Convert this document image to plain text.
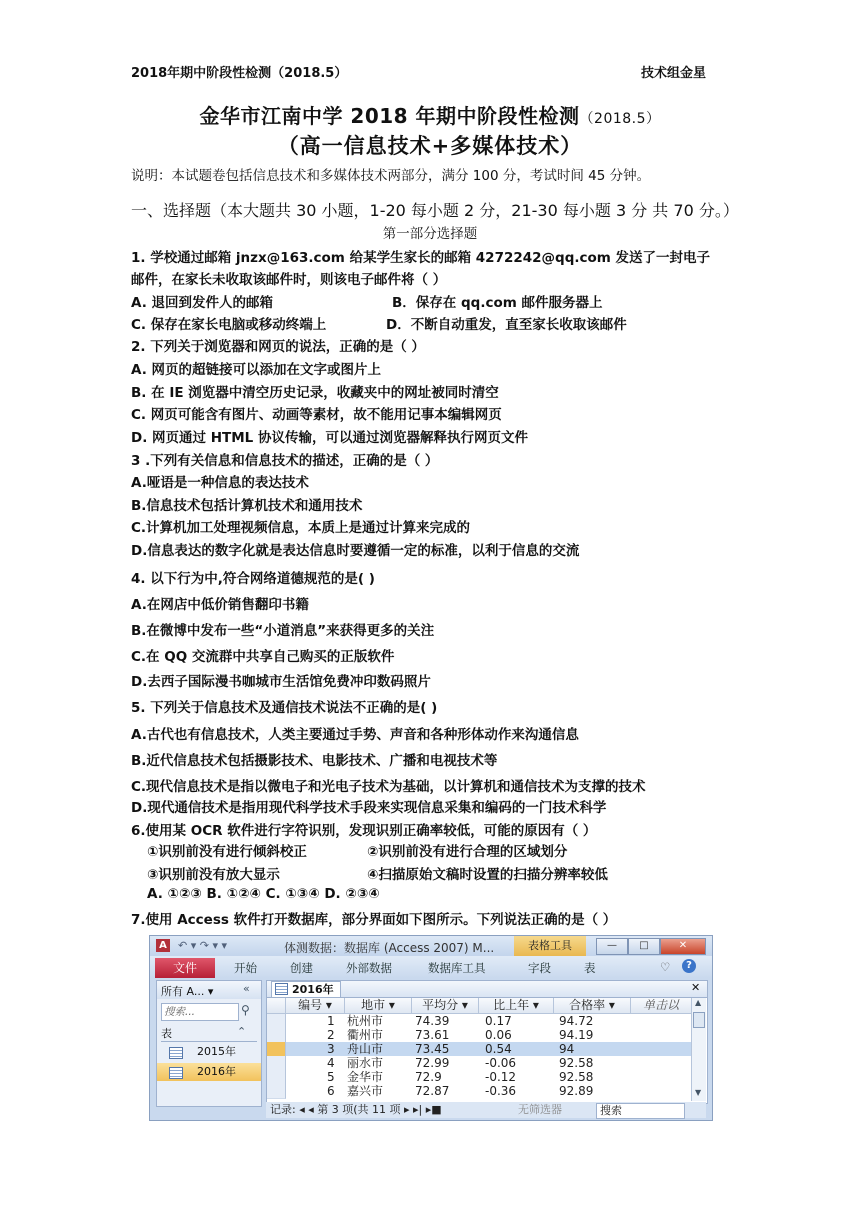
2018年期中阶段性检测（2018.5）	技术组金星
金华市江南中学 2018 年期中阶段性检测（2018.5）
（高一信息技术+多媒体技术）
说明：本试题卷包括信息技术和多媒体技术两部分，满分 100 分，考试时间 45 分钟。
一、选择题（本大题共 30 小题，1-20 每小题 2 分，21-30 每小题 3 分 共 70 分。）
第一部分选择题
1. 学校通过邮箱 jnzx@163.com 给某学生家长的邮箱 4272242@qq.com 发送了一封电子
邮件，在家长未收取该邮件时，则该电子邮件将（ ）
A. 退回到发件人的邮箱	B．保存在 qq.com 邮件服务器上
C. 保存在家长电脑或移动终端上	D．不断自动重发，直至家长收取该邮件
2. 下列关于浏览器和网页的说法，正确的是（ ）
A. 网页的超链接可以添加在文字或图片上
B. 在 IE 浏览器中清空历史记录，收藏夹中的网址被同时清空
C. 网页可能含有图片、动画等素材，故不能用记事本编辑网页
D. 网页通过 HTML 协议传输，可以通过浏览器解释执行网页文件
3 .下列有关信息和信息技术的描述，正确的是（ ）
A.哑语是一种信息的表达技术
B.信息技术包括计算机技术和通用技术
C.计算机加工处理视频信息，本质上是通过计算来完成的
D.信息表达的数字化就是表达信息时要遵循一定的标准，以利于信息的交流
4. 以下行为中,符合网络道德规范的是( )
A.在网店中低价销售翻印书籍
B.在微博中发布一些“小道消息”来获得更多的关注
C.在 QQ 交流群中共享自己购买的正版软件
D.去西子国际漫书咖城市生活馆免费冲印数码照片
5. 下列关于信息技术及通信技术说法不正确的是( )
A.古代也有信息技术，人类主要通过手势、声音和各种形体动作来沟通信息
B.近代信息技术包括摄影技术、电影技术、广播和电视技术等
C.现代信息技术是指以微电子和光电子技术为基础，以计算机和通信技术为支撑的技术
D.现代通信技术是指用现代科学技术手段来实现信息采集和编码的一门技术科学
6.使用某 OCR 软件进行字符识别，发现识别正确率较低，可能的原因有（ ）
①识别前没有进行倾斜校正	②识别前没有进行合理的区域划分
③识别前没有放大显示	④扫描原始文稿时设置的扫描分辨率较低
A. ①②③ B. ①②④ C. ①③④ D. ②③④
7.使用 Access 软件打开数据库，部分界面如下图所示。下列说法正确的是（ ）
A ↶ ▾ ↷ ▾ ▾	体测数据：数据库 (Access 2007) M...	表格工具	—	□	✕
开始	创建	外部数据	数据库工具	字段	表	♡
文件	?
所有 A... ▾	«
搜索...	⚲
表	⌃
2015年
2016年
2016年	✕
编号 ▾	地市 ▾	平均分 ▾	比上年 ▾	合格率 ▾	单击以
1 杭州市	74.39	0.17	94.72
2 衢州市	73.61	0.06	94.19
3 舟山市	73.45	0.54	94
4 丽水市	72.99	-0.06	92.58
5 金华市	72.9	-0.12	92.58
6 嘉兴市	72.87	-0.36	92.89
▲
▼
记录: ◂ ◂ 第 3 项(共 11 项 ▸ ▸| ▸■	无筛选器	搜索
